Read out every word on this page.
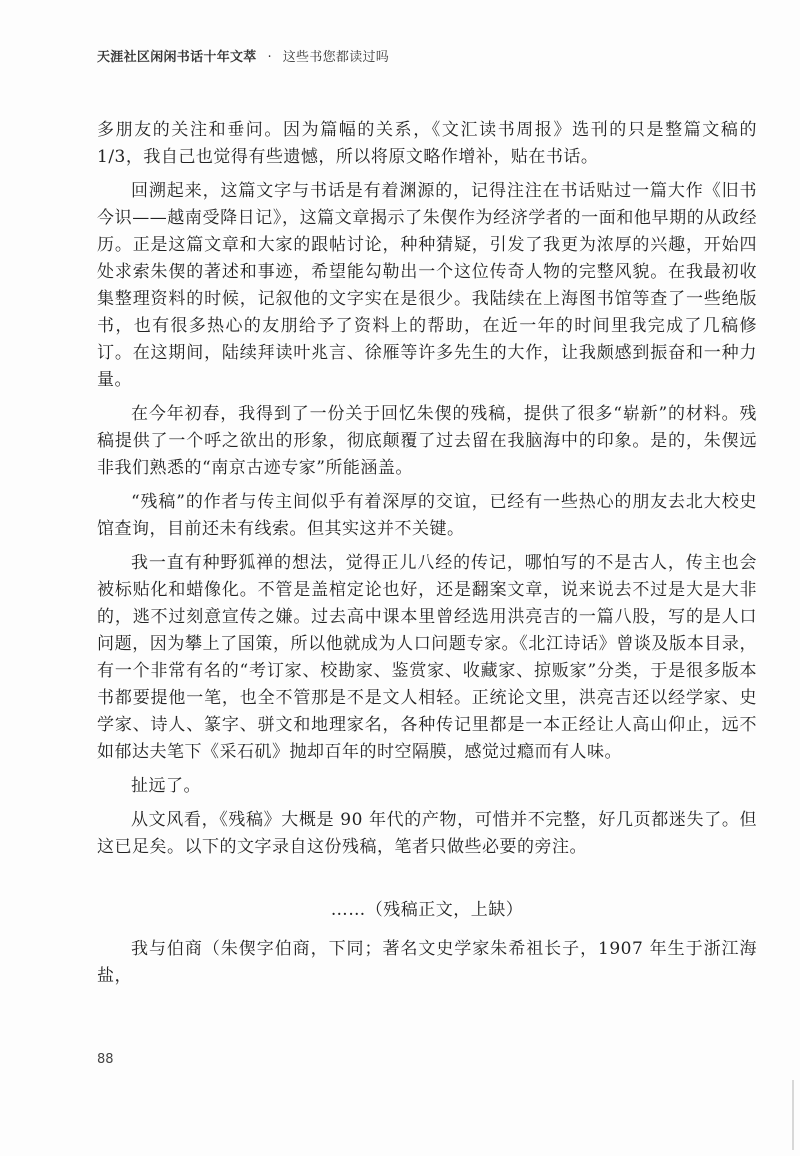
天涯社区闲闲书话十年文萃 · 这些书您都读过吗

多朋友的关注和垂问。因为篇幅的关系，《文汇读书周报》选刊的只是整篇文稿的 1/3，我自己也觉得有些遗憾，所以将原文略作增补，贴在书话。

回溯起来，这篇文字与书话是有着渊源的，记得注注在书话贴过一篇大作《旧书今识——越南受降日记》，这篇文章揭示了朱偰作为经济学者的一面和他早期的从政经历。正是这篇文章和大家的跟帖讨论，种种猜疑，引发了我更为浓厚的兴趣，开始四处求索朱偰的著述和事迹，希望能勾勒出一个这位传奇人物的完整风貌。在我最初收集整理资料的时候，记叙他的文字实在是很少。我陆续在上海图书馆等查了一些绝版书，也有很多热心的友朋给予了资料上的帮助，在近一年的时间里我完成了几稿修订。在这期间，陆续拜读叶兆言、徐雁等许多先生的大作，让我颇感到振奋和一种力量。

在今年初春，我得到了一份关于回忆朱偰的残稿，提供了很多“崭新”的材料。残稿提供了一个呼之欲出的形象，彻底颠覆了过去留在我脑海中的印象。是的，朱偰远非我们熟悉的“南京古迹专家”所能涵盖。

“残稿”的作者与传主间似乎有着深厚的交谊，已经有一些热心的朋友去北大校史馆查询，目前还未有线索。但其实这并不关键。

我一直有种野狐禅的想法，觉得正儿八经的传记，哪怕写的不是古人，传主也会被标贴化和蜡像化。不管是盖棺定论也好，还是翻案文章，说来说去不过是大是大非的，逃不过刻意宣传之嫌。过去高中课本里曾经选用洪亮吉的一篇八股，写的是人口问题，因为攀上了国策，所以他就成为人口问题专家。《北江诗话》曾谈及版本目录，有一个非常有名的“考订家、校勘家、鉴赏家、收藏家、掠贩家”分类，于是很多版本书都要提他一笔，也全不管那是不是文人相轻。正统论文里，洪亮吉还以经学家、史学家、诗人、篆字、骈文和地理家名，各种传记里都是一本正经让人高山仰止，远不如郁达夫笔下《采石矶》抛却百年的时空隔膜，感觉过瘾而有人味。

扯远了。

从文风看，《残稿》大概是 90 年代的产物，可惜并不完整，好几页都迷失了。但这已足矣。以下的文字录自这份残稿，笔者只做些必要的旁注。

……（残稿正文，上缺）

我与伯商（朱偰字伯商，下同；著名文史学家朱希祖长子，1907 年生于浙江海盐，

88
